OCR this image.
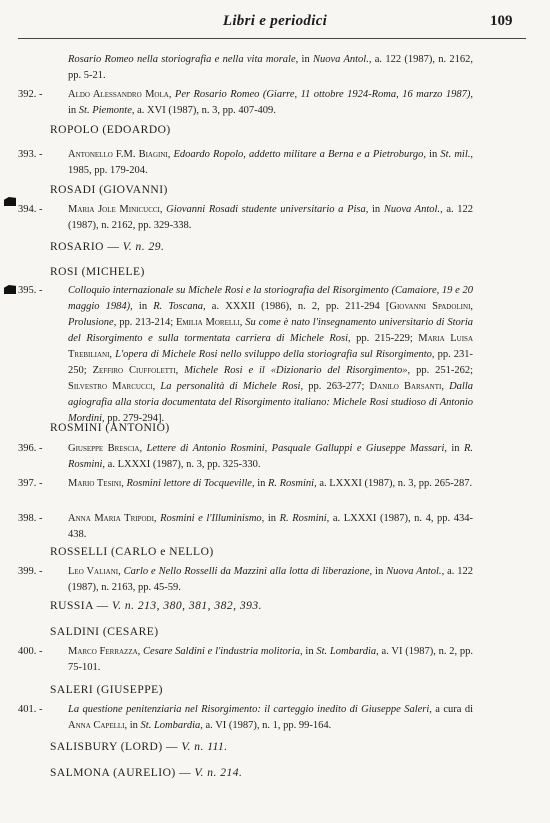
Libri e periodici	109
Rosario Romeo nella storiografia e nella vita morale, in Nuova Antol., a. 122 (1987), n. 2162, pp. 5-21.
392. -	Aldo Alessandro Mola, Per Rosario Romeo (Giarre, 11 ottobre 1924-Roma, 16 marzo 1987), in St. Piemonte, a. XVI (1987), n. 3, pp. 407-409.
ROPOLO (EDOARDO)
393. -	Antonello F.M. Biagini, Edoardo Ropolo, addetto militare a Berna e a Pietroburgo, in St. mil., 1985, pp. 179-204.
ROSADI (GIOVANNI)
394. -	Maria Jole Minicucci, Giovanni Rosadi studente universitario a Pisa, in Nuova Antol., a. 122 (1987), n. 2162, pp. 329-338.
ROSARIO — V. n. 29.
ROSI (MICHELE)
395. -	Colloquio internazionale su Michele Rosi e la storiografia del Risorgimento (Camaiore, 19 e 20 maggio 1984), in R. Toscana, a. XXXII (1986), n. 2, pp. 211-294 [Giovanni Spadolini, Prolusione, pp. 213-214; Emilia Morelli, Su come è nato l'insegnamento universitario di Storia del Risorgimento e sulla tormentata carriera di Michele Rosi, pp. 215-229; Maria Luisa Trebiliani, L'opera di Michele Rosi nello sviluppo della storiografia sul Risorgimento, pp. 231-250; Zeffiro Ciuffoletti, Michele Rosi e il «Dizionario del Risorgimento», pp. 251-262; Silvestro Marcucci, La personalità di Michele Rosi, pp. 263-277; Danilo Barsanti, Dalla agiografia alla storia documentata del Risorgimento italiano: Michele Rosi studioso di Antonio Mordini, pp. 279-294].
ROSMINI (ANTONIO)
396. -	Giuseppe Brescia, Lettere di Antonio Rosmini, Pasquale Galluppi e Giuseppe Massari, in R. Rosmini, a. LXXXI (1987), n. 3, pp. 325-330.
397. -	Mario Tesini, Rosmini lettore di Tocqueville, in R. Rosmini, a. LXXXI (1987), n. 3, pp. 265-287.
398. -	Anna Maria Tripodi, Rosmini e l'Illuminismo, in R. Rosmini, a. LXXXI (1987), n. 4, pp. 434-438.
ROSSELLI (CARLO e NELLO)
399. -	Leo Valiani, Carlo e Nello Rosselli da Mazzini alla lotta di liberazione, in Nuova Antol., a. 122 (1987), n. 2163, pp. 45-59.
RUSSIA — V. n. 213, 380, 381, 382, 393.
SALDINI (CESARE)
400. -	Marco Ferrazza, Cesare Saldini e l'industria molitoria, in St. Lombardia, a. VI (1987), n. 2, pp. 75-101.
SALERI (GIUSEPPE)
401. -	La questione penitenziaria nel Risorgimento: il carteggio inedito di Giuseppe Saleri, a cura di Anna Capelli, in St. Lombardia, a. VI (1987), n. 1, pp. 99-164.
SALISBURY (LORD) — V. n. 111.
SALMONA (AURELIO) — V. n. 214.
